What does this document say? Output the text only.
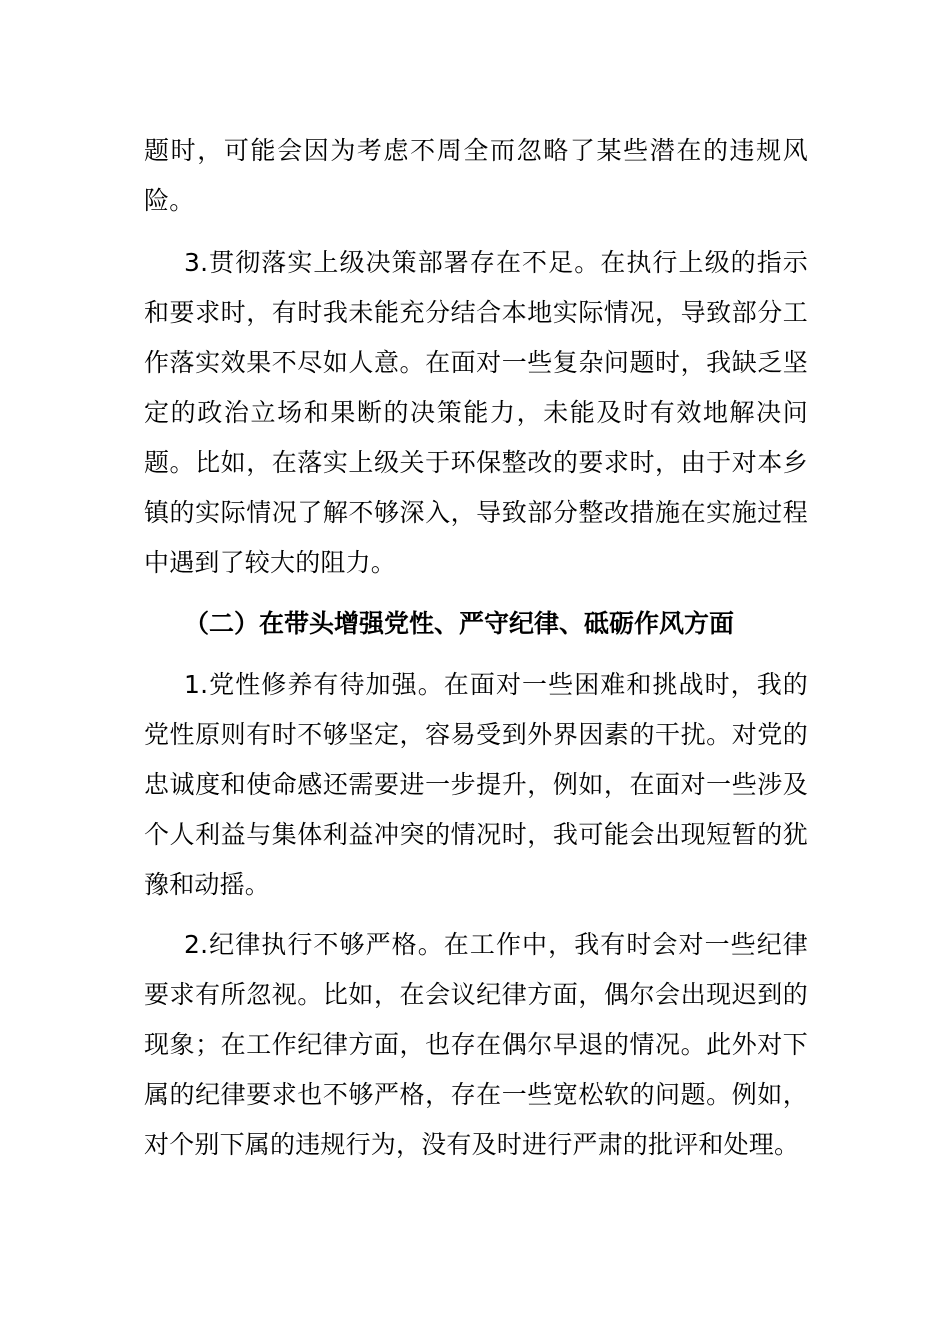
题时，可能会因为考虑不周全而忽略了某些潜在的违规风险。

3.贯彻落实上级决策部署存在不足。在执行上级的指示和要求时，有时我未能充分结合本地实际情况，导致部分工作落实效果不尽如人意。在面对一些复杂问题时，我缺乏坚定的政治立场和果断的决策能力，未能及时有效地解决问题。比如，在落实上级关于环保整改的要求时，由于对本乡镇的实际情况了解不够深入，导致部分整改措施在实施过程中遇到了较大的阻力。

（二）在带头增强党性、严守纪律、砥砺作风方面

1.党性修养有待加强。在面对一些困难和挑战时，我的党性原则有时不够坚定，容易受到外界因素的干扰。对党的忠诚度和使命感还需要进一步提升，例如，在面对一些涉及个人利益与集体利益冲突的情况时，我可能会出现短暂的犹豫和动摇。

2.纪律执行不够严格。在工作中，我有时会对一些纪律要求有所忽视。比如，在会议纪律方面，偶尔会出现迟到的现象；在工作纪律方面，也存在偶尔早退的情况。此外对下属的纪律要求也不够严格，存在一些宽松软的问题。例如，对个别下属的违规行为，没有及时进行严肃的批评和处理。
